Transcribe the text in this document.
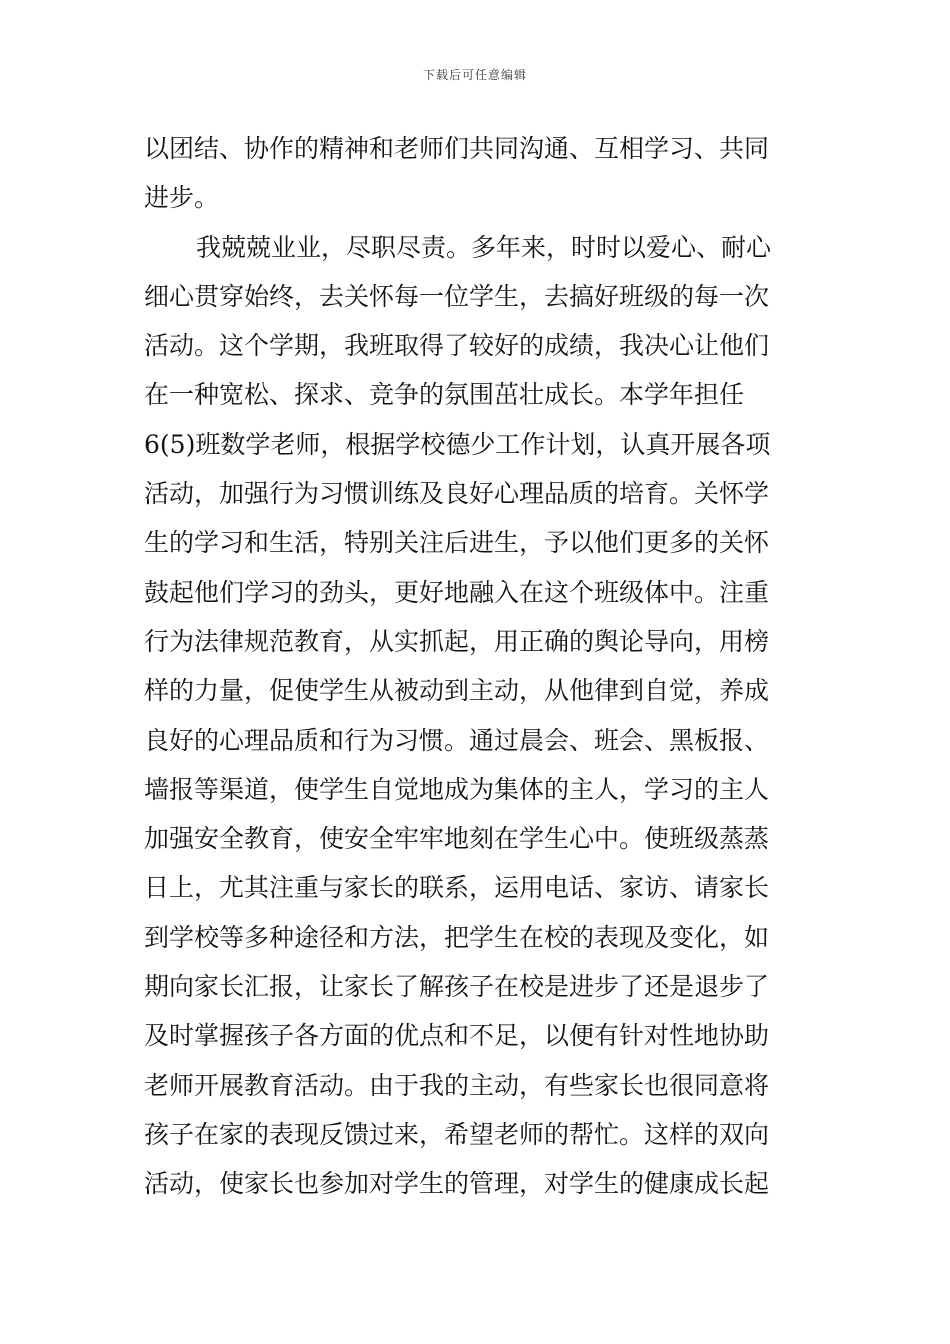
下载后可任意编辑
以团结、协作的精神和老师们共同沟通、互相学习、共同
进步。
我兢兢业业，尽职尽责。多年来，时时以爱心、耐心
细心贯穿始终，去关怀每一位学生，去搞好班级的每一次
活动。这个学期，我班取得了较好的成绩，我决心让他们
在一种宽松、探求、竞争的氛围茁壮成长。本学年担任
6(5)班数学老师，根据学校德少工作计划，认真开展各项
活动，加强行为习惯训练及良好心理品质的培育。关怀学
生的学习和生活，特别关注后进生，予以他们更多的关怀
鼓起他们学习的劲头，更好地融入在这个班级体中。注重
行为法律规范教育，从实抓起，用正确的舆论导向，用榜
样的力量，促使学生从被动到主动，从他律到自觉，养成
良好的心理品质和行为习惯。通过晨会、班会、黑板报、
墙报等渠道，使学生自觉地成为集体的主人，学习的主人
加强安全教育，使安全牢牢地刻在学生心中。使班级蒸蒸
日上，尤其注重与家长的联系，运用电话、家访、请家长
到学校等多种途径和方法，把学生在校的表现及变化，如
期向家长汇报，让家长了解孩子在校是进步了还是退步了
及时掌握孩子各方面的优点和不足，以便有针对性地协助
老师开展教育活动。由于我的主动，有些家长也很同意将
孩子在家的表现反馈过来，希望老师的帮忙。这样的双向
活动，使家长也参加对学生的管理，对学生的健康成长起
